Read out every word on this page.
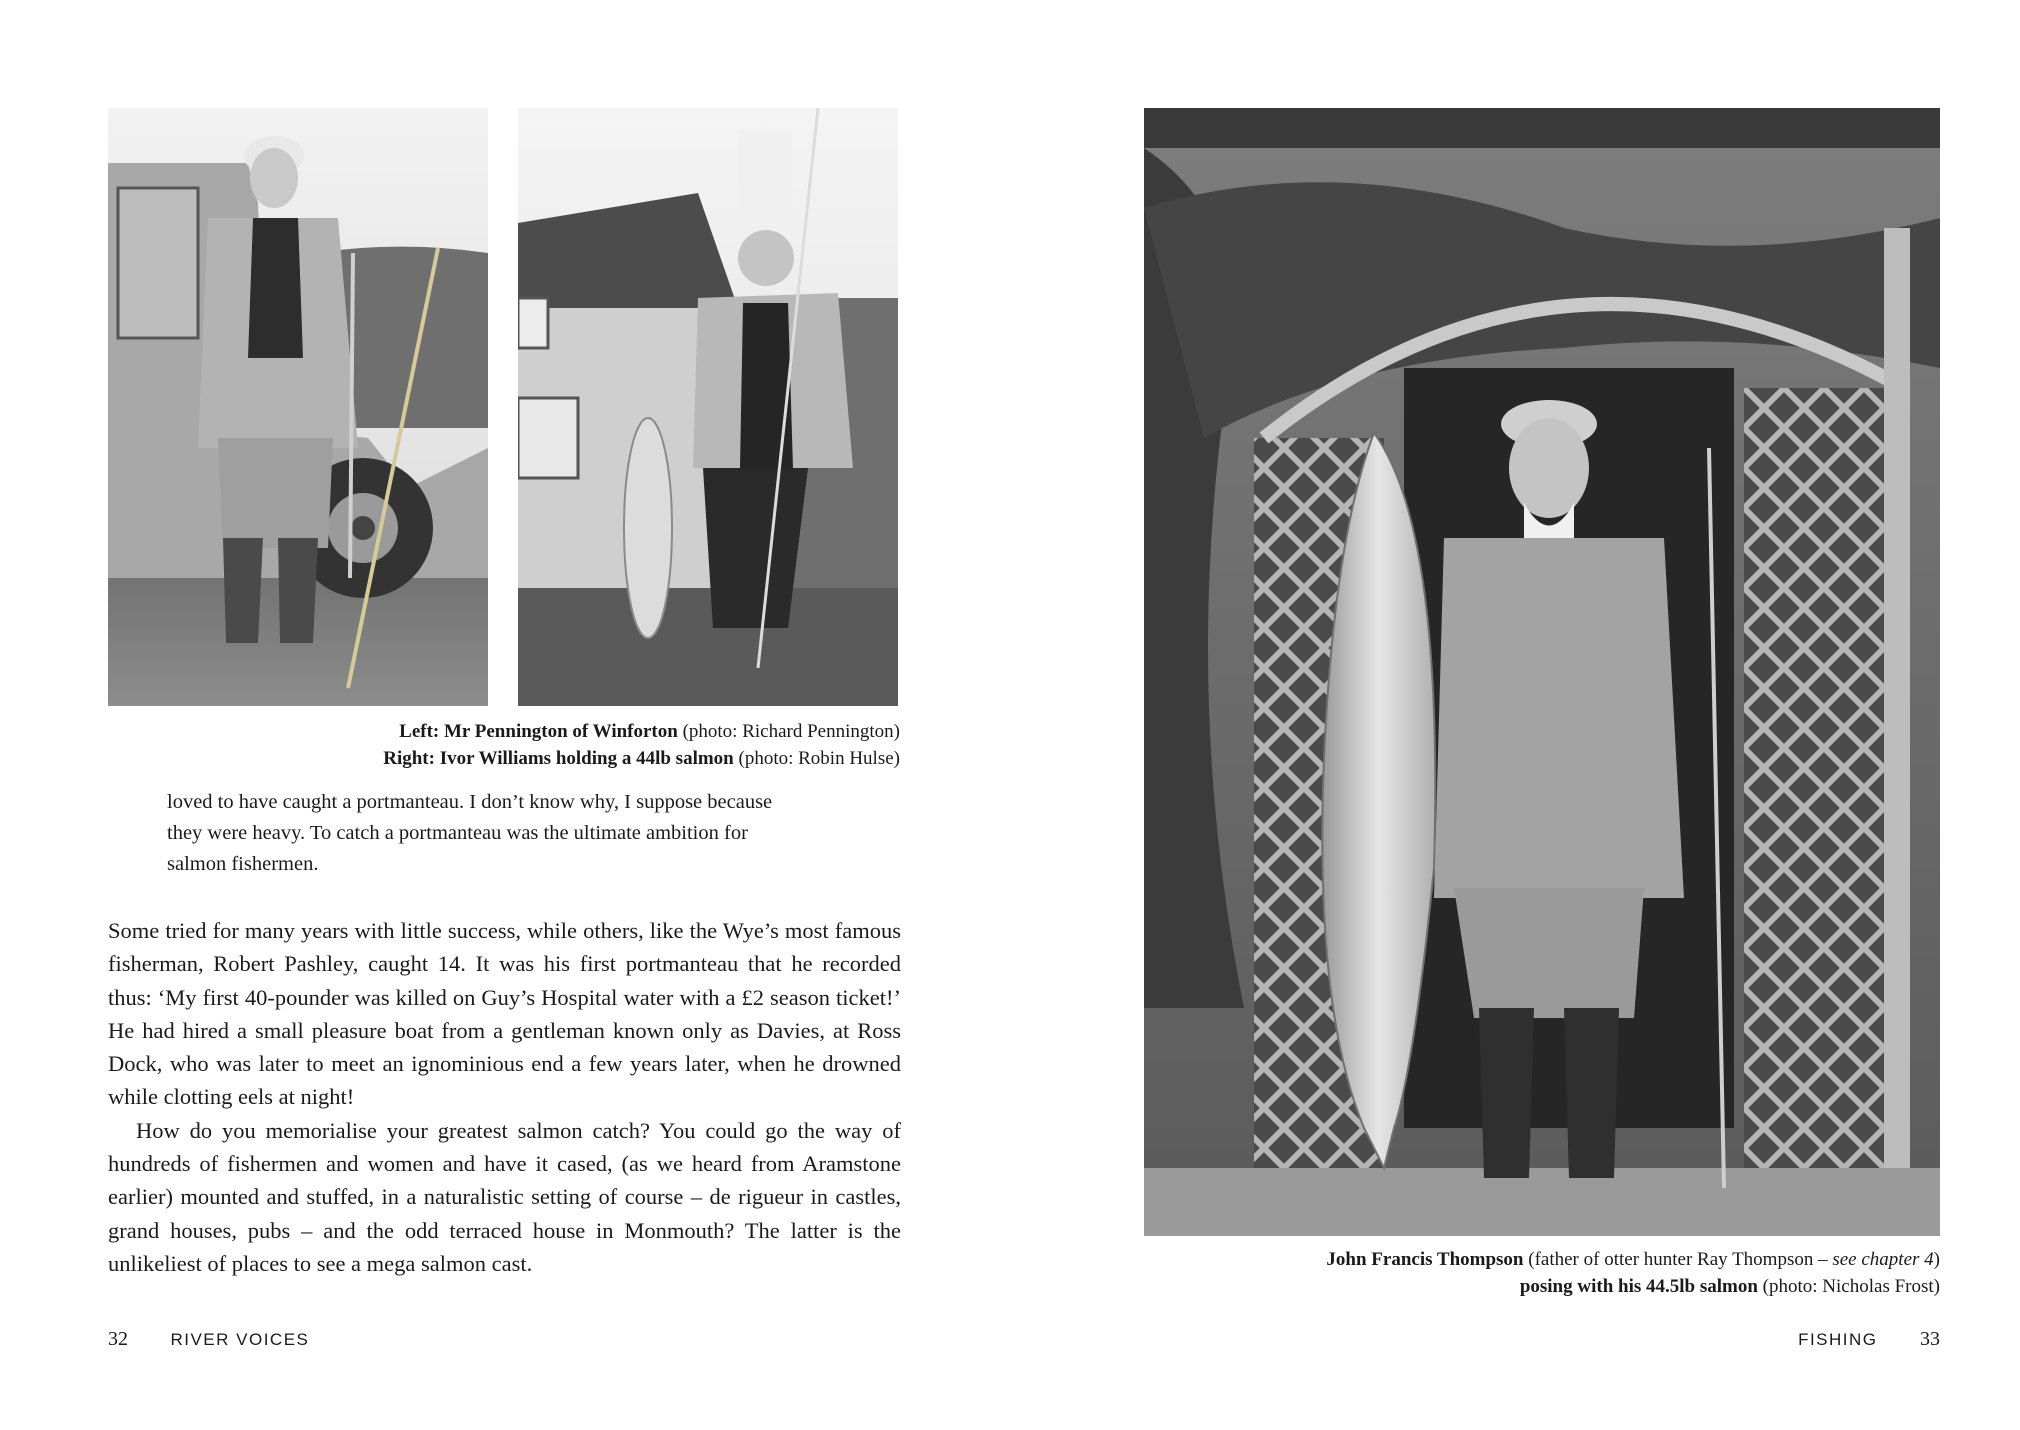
Left: Mr Pennington of Winforton (photo: Richard Pennington)
Right: Ivor Williams holding a 44lb salmon (photo: Robin Hulse)

loved to have caught a portmanteau. I don’t know why, I suppose because

they were heavy. To catch a portmanteau was the ultimate ambition for

salmon fishermen.

Some tried for many years with little success, while others, like the Wye’s most famous fisherman, Robert Pashley, caught 14. It was his first portmanteau that he recorded thus: ‘My first 40-pounder was killed on Guy’s Hospital water with a £2 season ticket!’ He had hired a small pleasure boat from a gentleman known only as Davies, at Ross Dock, who was later to meet an ignominious end a few years later, when he drowned while clotting eels at night!

How do you memorialise your greatest salmon catch? You could go the way of hundreds of fishermen and women and have it cased, (as we heard from Aramstone earlier) mounted and stuffed, in a naturalistic setting of course – de rigueur in castles, grand houses, pubs – and the odd terraced house in Monmouth? The latter is the unlikeliest of places to see a mega salmon cast.

32 RIVER VOICES
John Francis Thompson (father of otter hunter Ray Thompson – see chapter 4)
posing with his 44.5lb salmon (photo: Nicholas Frost)
FISHING 33
